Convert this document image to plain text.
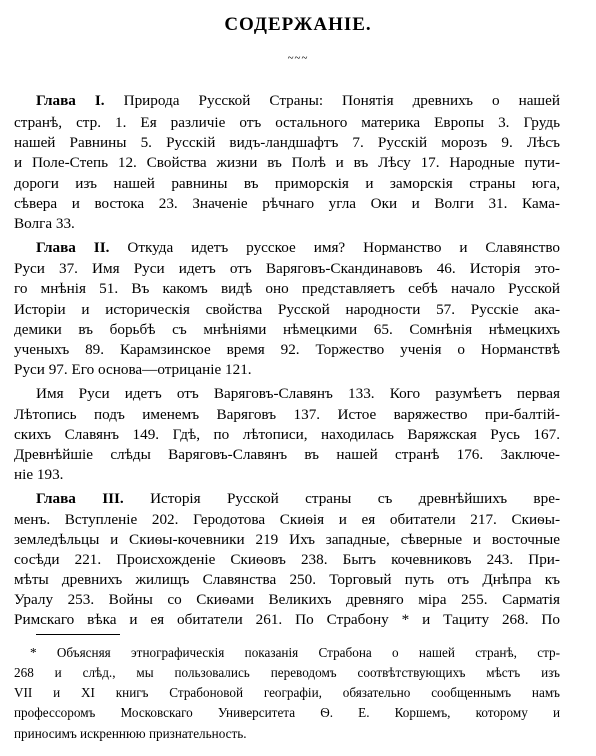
СОДЕРЖАНІЕ.
~~~
Глава I. Природа Русской Страны: Понятія древнихъ о нашей
странѣ, стр. 1. Ея различіе отъ остального материка Европы 3. Грудь
нашей Равнины 5. Русскій видъ-ландшафтъ 7. Русскій морозъ 9. Лѣсъ
и Поле-Степь 12. Свойства жизни въ Полѣ и въ Лѣсу 17. Народные пути-
дороги изъ нашей равнины въ приморскія и заморскія страны юга,
сѣвера и востока 23. Значеніе рѣчнаго угла Оки и Волги 31. Кама-
Волга 33.
Глава II. Откуда идетъ русское имя? Норманство и Славянство
Руси 37. Имя Руси идетъ отъ Варяговъ-Скандинавовъ 46. Исторія это-
го мнѣнія 51. Въ какомъ видѣ оно представляетъ себѣ начало Русской
Исторіи и историческія свойства Русской народности 57. Русскіе ака-
демики въ борьбѣ съ мнѣніями нѣмецкими 65. Сомнѣнія нѣмецкихъ
ученыхъ 89. Карамзинское время 92. Торжество ученія о Норманствѣ
Руси 97. Его основа—отрицаніе 121.
Имя Руси идетъ отъ Варяговъ-Славянъ 133. Кого разумѣетъ первая
Лѣтопись подъ именемъ Варяговъ 137. Истое варяжество при-балтій-
скихъ Славянъ 149. Гдѣ, по лѣтописи, находилась Варяжская Русь 167.
Древнѣйшіе слѣды Варяговъ-Славянъ въ нашей странѣ 176. Заключе-
ніе 193.
Глава III. Исторія Русской страны съ древнѣйшихъ вре-
менъ. Вступленіе 202. Геродотова Скиѳія и ея обитатели 217. Скиѳы-
земледѣльцы и Скиѳы-кочевники 219 Ихъ западные, сѣверные и восточные
сосѣди 221. Происхожденіе Скиѳовъ 238. Бытъ кочевниковъ 243. При-
мѣты древнихъ жилищъ Славянства 250. Торговый путь отъ Днѣпра къ
Уралу 253. Войны со Скиѳами Великихъ древняго міра 255. Сарматія
Римскаго вѣка и ея обитатели 261. По Страбону * и Тациту 268. По
* Объясняя этнографическія показанія Страбона о нашей странѣ, стр-
268 и слѣд., мы пользовались переводомъ соотвѣтствующихъ мѣстъ изъ
VII и XI книгъ Страбоновой географіи, обязательно сообщеннымъ намъ
профессоромъ Московскаго Университета Ѳ. Е. Коршемъ, которому и
приносимъ искреннюю признательность.
